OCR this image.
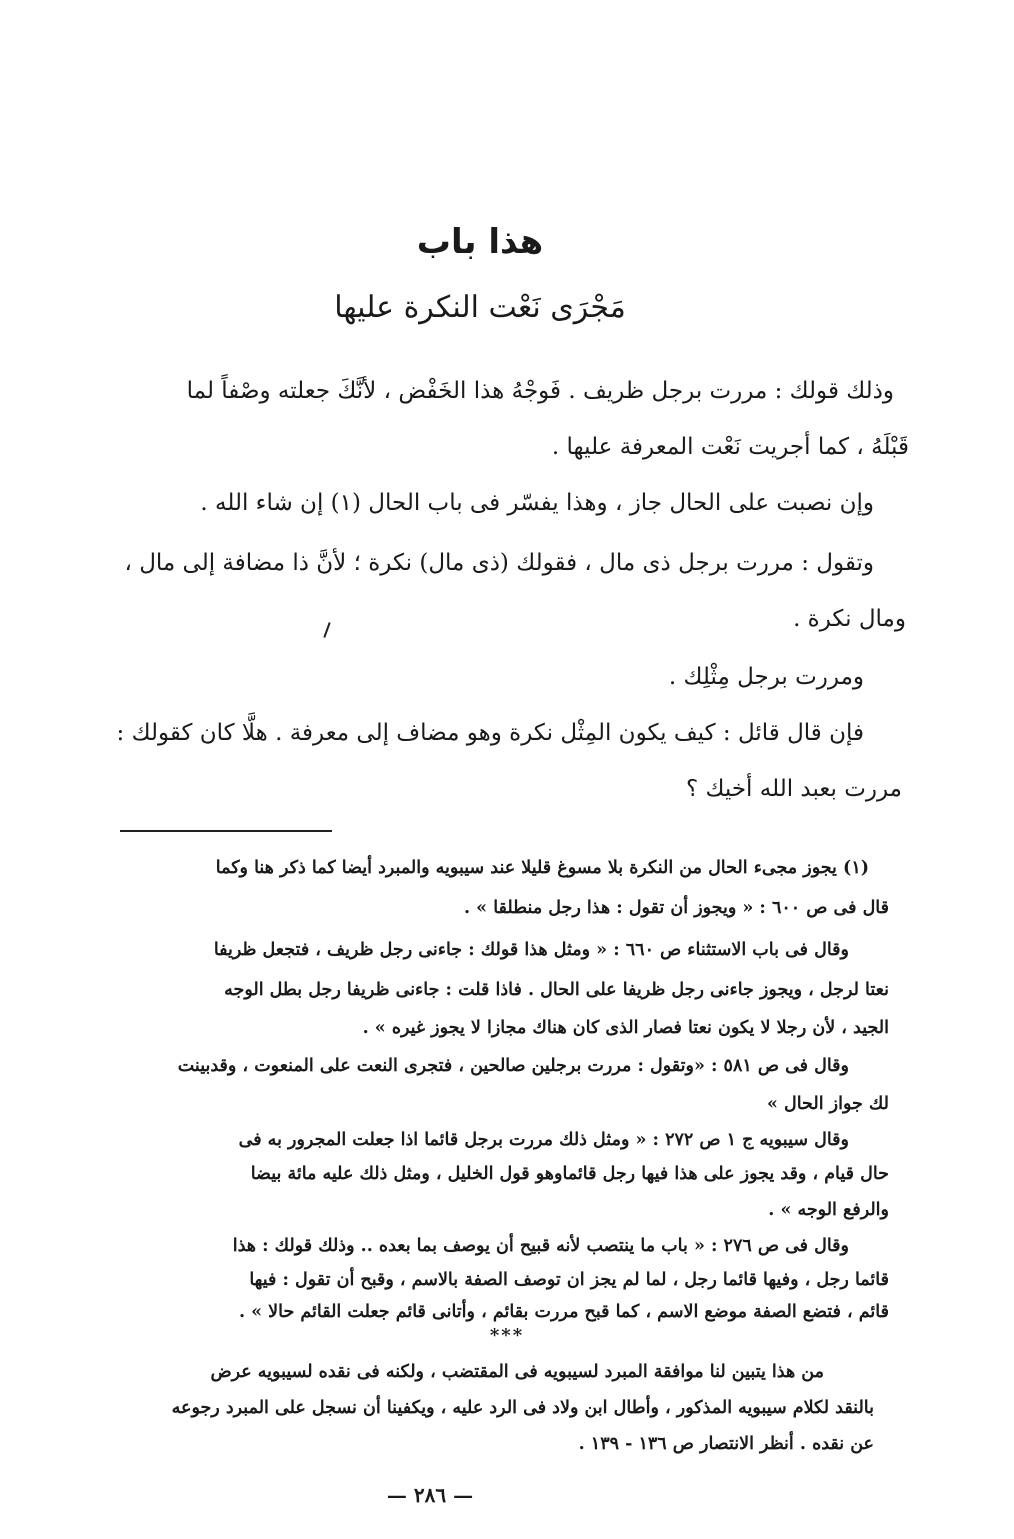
هذا باب
مَجْرَى نَعْت النكرة عليها
وذلك قولك : مررت برجل ظريف . فَوجْهُ هذا الخَفْض ، لأنَّكَ جعلته وصْفاً لما
قَبْلَهُ ، كما أجريت نَعْت المعرفة عليها .
وإن نصبت على الحال جاز ، وهذا يفسّر فى باب الحال (١) إن شاء الله .
وتقول : مررت برجل ذى مال ، فقولك (ذى مال) نكرة ؛ لأنَّ ذا مضافة إلى مال ،
ومال نكرة .
ومررت برجل مِثْلِك .
فإن قال قائل : كيف يكون المِثْل نكرة وهو مضاف إلى معرفة . هلَّا كان كقولك :
مررت بعبد الله أخيك ؟
(١) يجوز مجىء الحال من النكرة بلا مسوغ قليلا عند سيبويه والمبرد أيضا كما ذكر هنا وكما
قال فى ص ٦٠٠ : « ويجوز أن تقول : هذا رجل منطلقا » .
وقال فى باب الاستثناء ص ٦٦٠ : « ومثل هذا قولك : جاءنى رجل ظريف ، فتجعل ظريفا
نعتا لرجل ، ويجوز جاءنى رجل ظريفا على الحال . فاذا قلت : جاءنى ظريفا رجل بطل الوجه
الجيد ، لأن رجلا لا يكون نعتا فصار الذى كان هناك مجازا لا يجوز غيره » .
وقال فى ص ٥٨١ : «وتقول : مررت برجلين صالحين ، فتجرى النعت على المنعوت ، وقدبينت
لك جواز الحال »
وقال سيبويه ج ١ ص ٢٧٢ : « ومثل ذلك مررت برجل قائما اذا جعلت المجرور به فى
حال قيام ، وقد يجوز على هذا فيها رجل قائماوهو قول الخليل ، ومثل ذلك عليه مائة بيضا
والرفع الوجه » .
وقال فى ص ٢٧٦ : « باب ما ينتصب لأنه قبيح أن يوصف بما بعده .. وذلك قولك : هذا
قائما رجل ، وفيها قائما رجل ، لما لم يجز ان توصف الصفة بالاسم ، وقبح أن تقول : فيها
قائم ، فتضع الصفة موضع الاسم ، كما قبح مررت بقائم ، وأتانى قائم جعلت القائم حالا » .
***
من هذا يتبين لنا موافقة المبرد لسيبويه فى المقتضب ، ولكنه فى نقده لسيبويه عرض
بالنقد لكلام سيبويه المذكور ، وأطال ابن ولاد فى الرد عليه ، ويكفينا أن نسجل على المبرد رجوعه
عن نقده . أنظر الانتصار ص ١٣٦ - ١٣٩ .
— ٢٨٦ —
